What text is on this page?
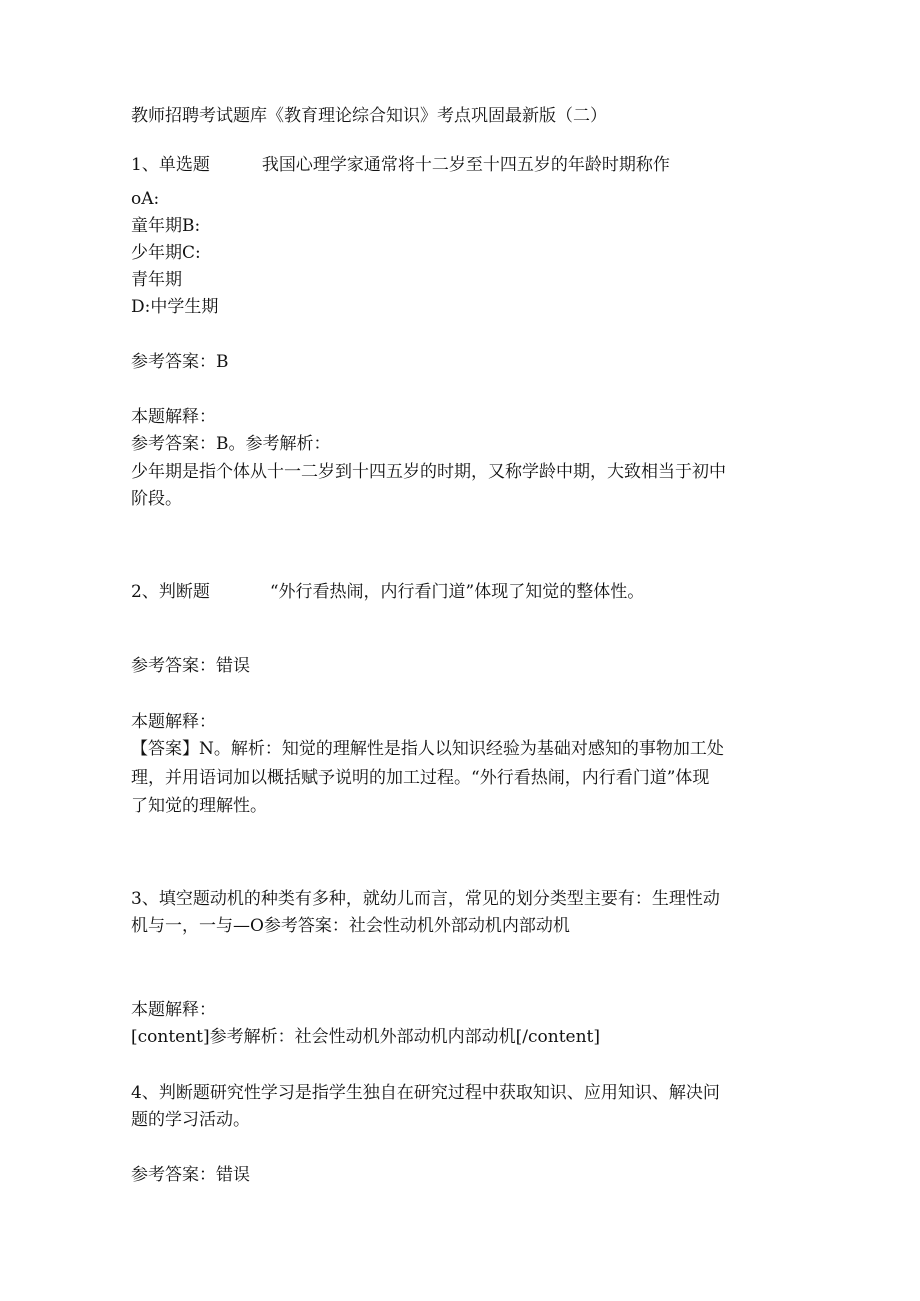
教师招聘考试题库《教育理论综合知识》考点巩固最新版（二）
1、单选题	我国心理学家通常将十二岁至十四五岁的年龄时期称作
oA:
童年期B:
少年期C:
青年期
D:中学生期
参考答案：B
本题解释：
参考答案：B。参考解析：
少年期是指个体从十一二岁到十四五岁的时期，又称学龄中期，大致相当于初中
阶段。
2、判断题	“外行看热闹，内行看门道”体现了知觉的整体性。
参考答案：错误
本题解释：
【答案】N。解析：知觉的理解性是指人以知识经验为基础对感知的事物加工处
理，并用语词加以概括赋予说明的加工过程。“外行看热闹，内行看门道”体现
了知觉的理解性。
3、填空题动机的种类有多种，就幼儿而言，常见的划分类型主要有：生理性动
机与一，一与—O参考答案：社会性动机外部动机内部动机
本题解释：
[content]参考解析：社会性动机外部动机内部动机[/content]
4、判断题研究性学习是指学生独自在研究过程中获取知识、应用知识、解决问
题的学习活动。
参考答案：错误
